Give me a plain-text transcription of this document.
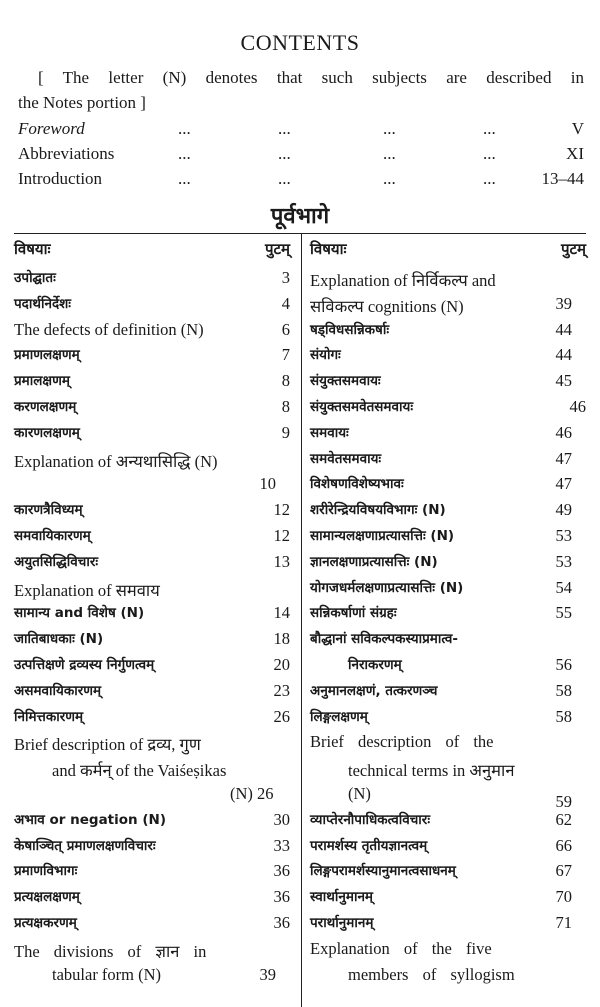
CONTENTS
[ The letter (N) denotes that such subjects are described in
the Notes portion ]
Foreword	...	...	...	...	V
Abbreviations	...	...	...	...	XI
Introduction	...	...	...	...	13–44
पूर्वभागे
विषयाः	पुटम्
उपोद्घातः	3
पदार्थनिर्देशः	4
The defects of definition (N)	6
प्रमाणलक्षणम्	7
प्रमालक्षणम्	8
करणलक्षणम्	8
कारणलक्षणम्	9
Explanation of अन्यथासिद्धि (N)
10
कारणत्रैविध्यम्	12
समवायिकारणम्	12
अयुतसिद्धिविचारः	13
Explanation of समवाय
सामान्य and विशेष (N)	14
जातिबाधकाः (N)	18
उत्पत्तिक्षणे द्रव्यस्य निर्गुणत्वम्	20
असमवायिकारणम्	23
निमित्तकारणम्	26
Brief description of द्रव्य, गुण
and कर्मन् of the Vaiśeṣikas
(N) 26
अभाव or negation (N)	30
केषाञ्चित् प्रमाणलक्षणविचारः	33
प्रमाणविभागः	36
प्रत्यक्षलक्षणम्	36
प्रत्यक्षकरणम्	36
The divisions of ज्ञान in
tabular form (N)	39
विषयाः	पुटम्
Explanation of निर्विकल्प and
सविकल्प cognitions (N)	39
षड्विधसन्निकर्षाः	44
संयोगः	44
संयुक्तसमवायः	45
संयुक्तसमवेतसमवायः	46
समवायः	46
समवेतसमवायः	47
विशेषणविशेष्यभावः	47
शरीरेन्द्रियविषयविभागः (N)	49
सामान्यलक्षणाप्रत्यासत्तिः (N)	53
ज्ञानलक्षणाप्रत्यासत्तिः (N)	53
योगजधर्मलक्षणाप्रत्यासत्तिः (N)	54
सन्निकर्षाणां संग्रहः	55
बौद्धानां सविकल्पकस्याप्रमात्व-
निराकरणम्	56
अनुमानलक्षणं, तत्करणञ्च	58
लिङ्गलक्षणम्	58
Brief description of the
technical terms in अनुमान
(N)	59
व्याप्तेरनौपाधिकत्वविचारः	62
परामर्शस्य तृतीयज्ञानत्वम्	66
लिङ्गपरामर्शस्यानुमानत्वसाधनम्	67
स्वार्थानुमानम्	70
परार्थानुमानम्	71
Explanation of the five
members of syllogism
